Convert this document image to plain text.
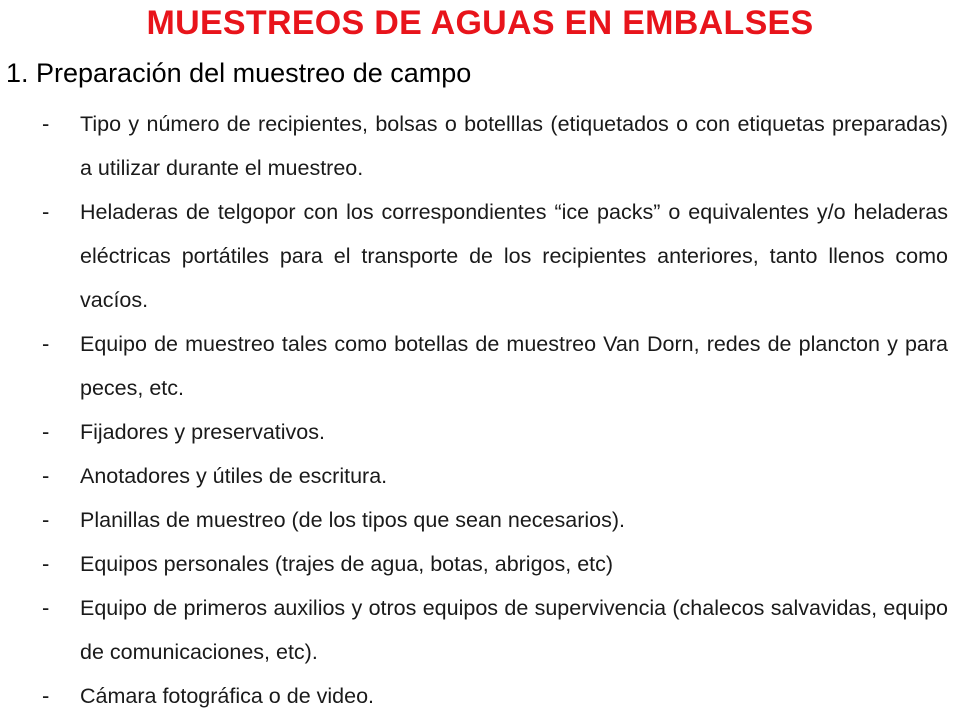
MUESTREOS DE AGUAS EN EMBALSES
1. Preparación del muestreo de campo
- Tipo y número de recipientes, bolsas o botelllas (etiquetados o con etiquetas preparadas) a utilizar durante el muestreo.
- Heladeras de telgopor con los correspondientes “ice packs” o equivalentes y/o heladeras eléctricas portátiles para el transporte de los recipientes anteriores, tanto llenos como vacíos.
- Equipo de muestreo tales como botellas de muestreo Van Dorn, redes de plancton y para peces, etc.
- Fijadores y preservativos.
- Anotadores y útiles de escritura.
- Planillas de muestreo (de los tipos que sean necesarios).
- Equipos personales (trajes de agua, botas, abrigos, etc)
- Equipo de primeros auxilios y otros equipos de supervivencia (chalecos salvavidas, equipo de comunicaciones, etc).
- Cámara fotográfica o de video.
